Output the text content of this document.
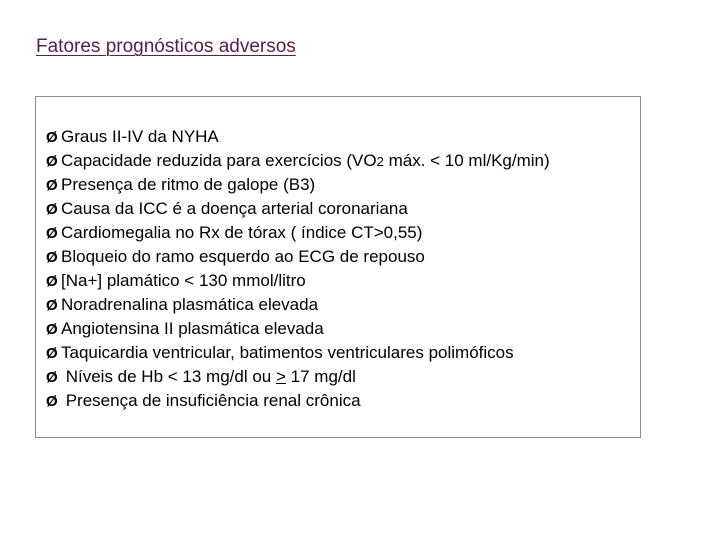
Fatores prognósticos adversos
Ø Graus II-IV da NYHA
Ø Capacidade reduzida para exercícios (VO2 máx. < 10 ml/Kg/min)
Ø Presença de ritmo de galope (B3)
Ø Causa da ICC é a doença arterial coronariana
Ø Cardiomegalia no Rx de tórax ( índice CT>0,55)
Ø Bloqueio do ramo esquerdo ao ECG de repouso
Ø [Na+] plamático < 130 mmol/litro
Ø Noradrenalina plasmática elevada
Ø Angiotensina II plasmática elevada
Ø Taquicardia ventricular, batimentos ventriculares polimóficos
Ø Níveis de Hb < 13 mg/dl ou > 17 mg/dl
Ø Presença de insuficiência renal crônica
